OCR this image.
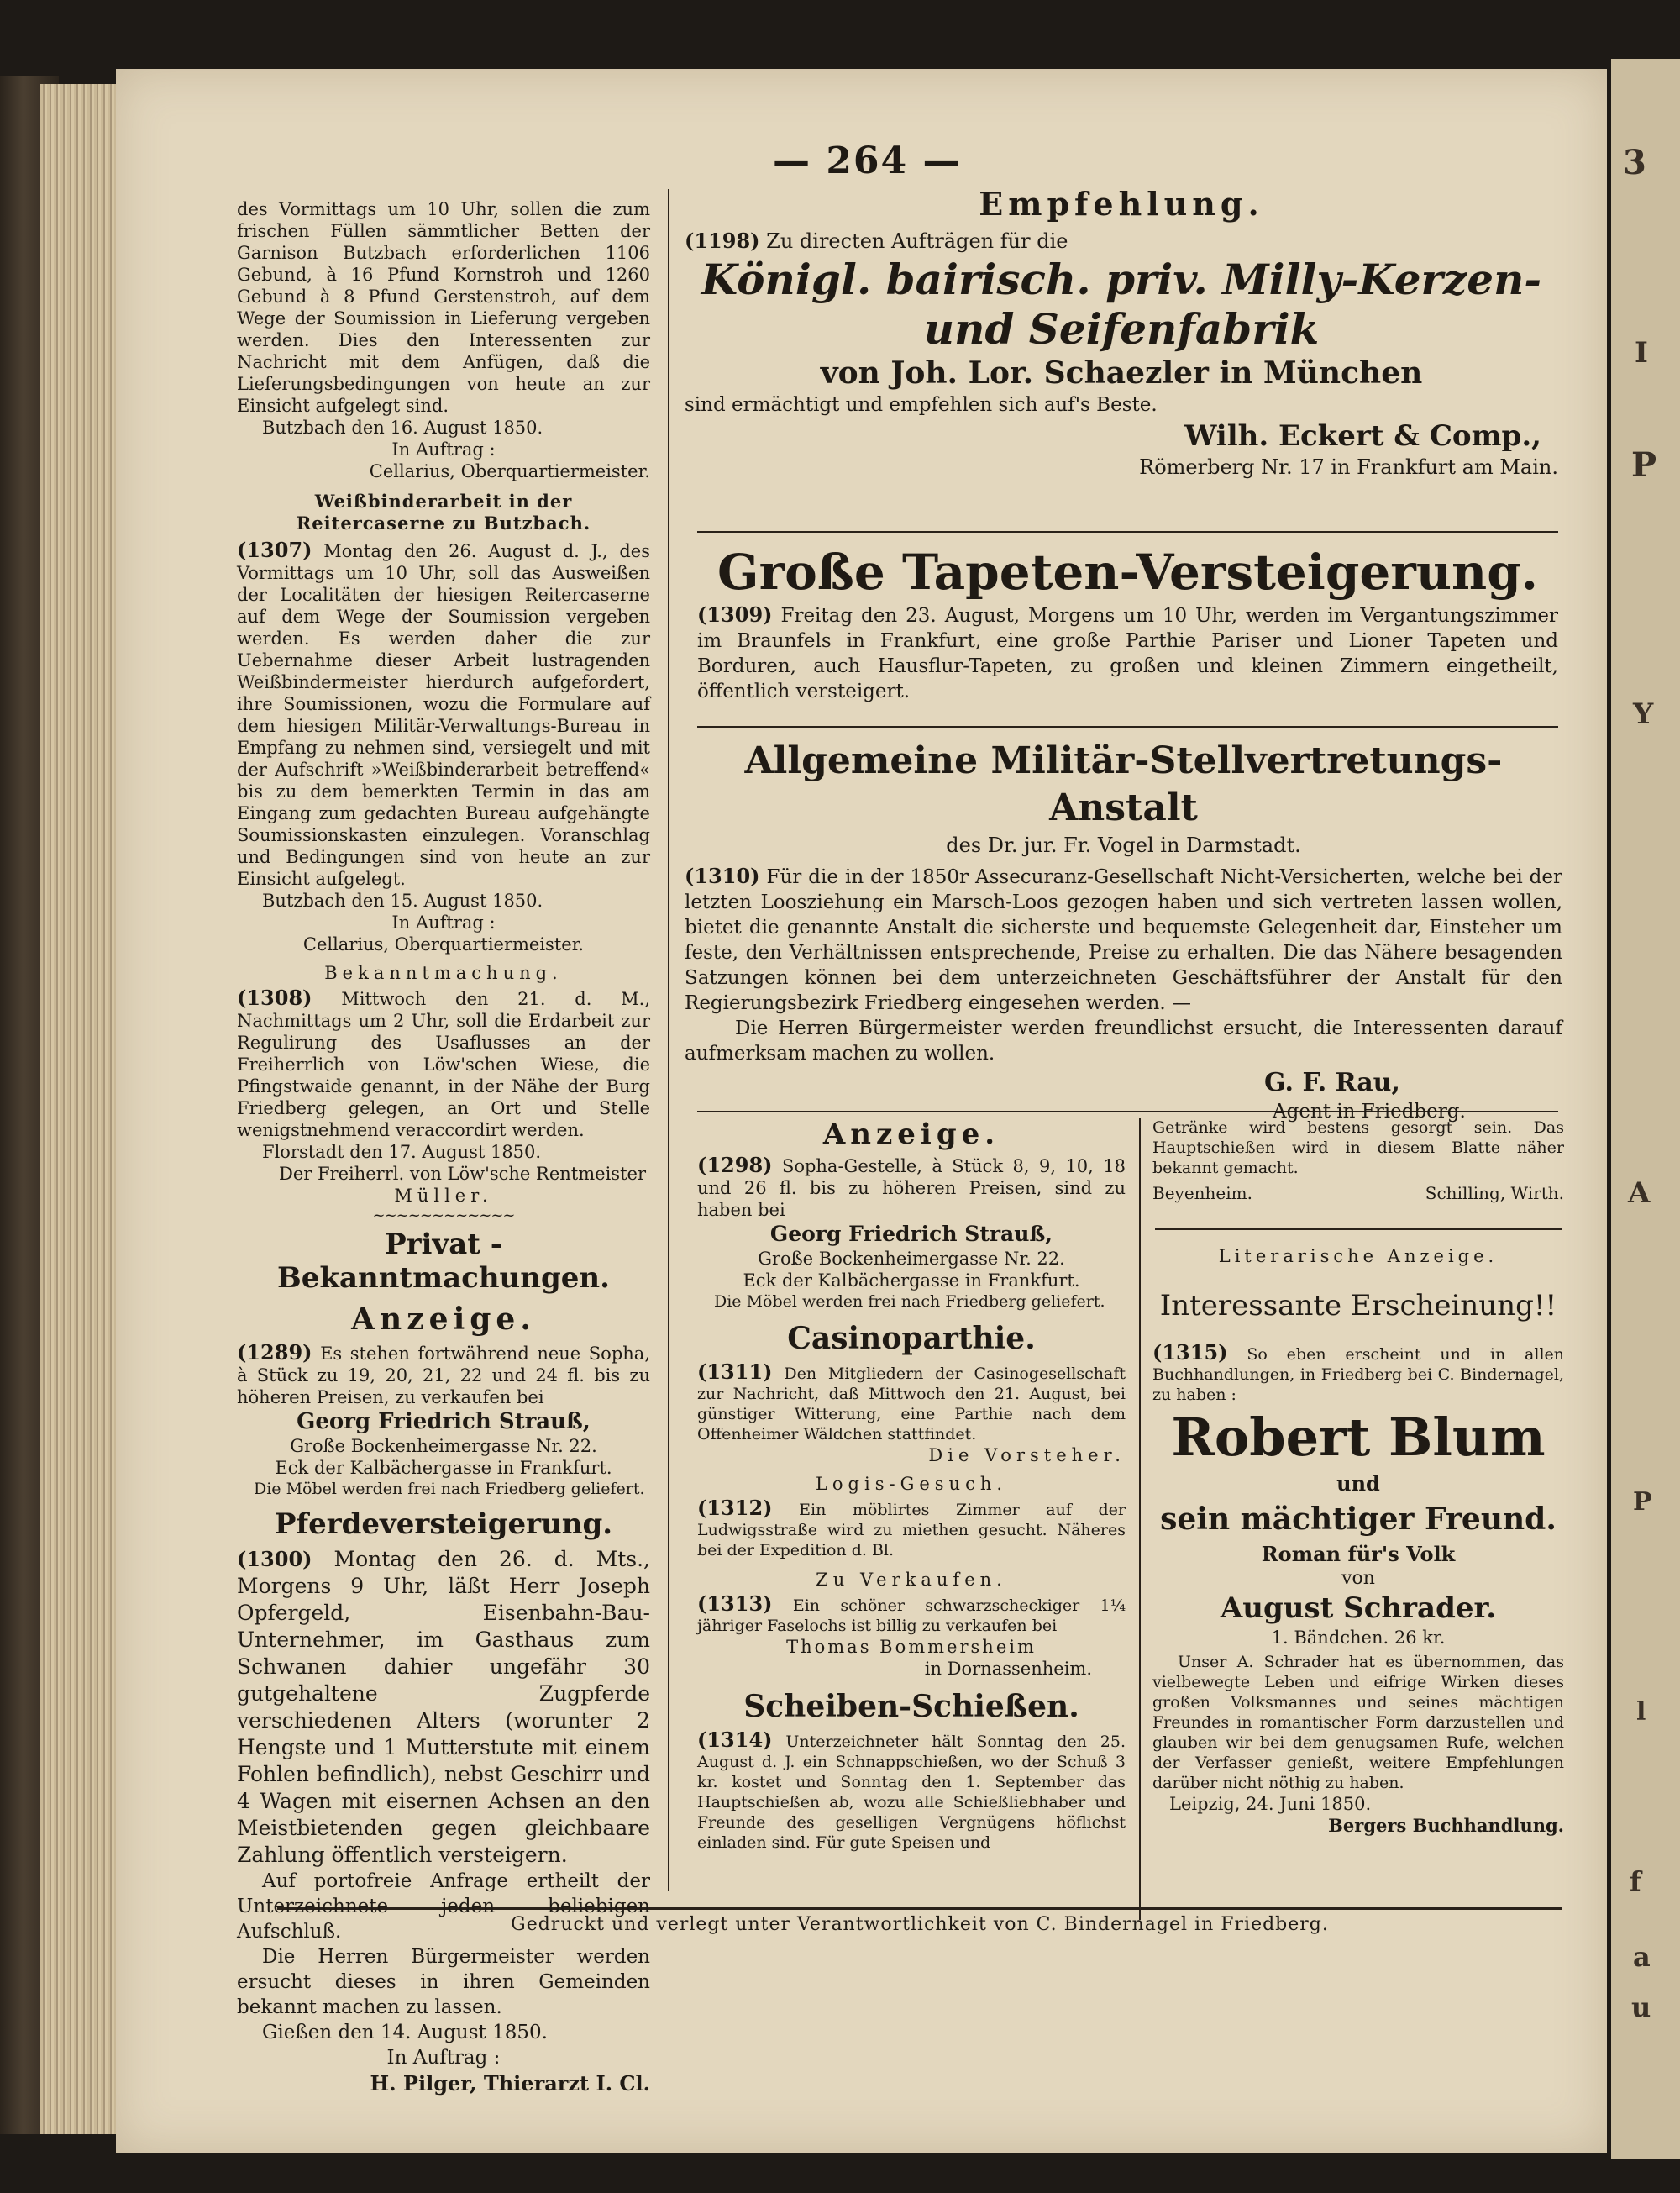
3
I
P
Y
A
P
l
f
a
u
— 264 —

des Vormittags um 10 Uhr, sollen die zum frischen Füllen sämmtlicher Betten der Garnison Butzbach erforderlichen 1106 Gebund, à 16 Pfund Kornstroh und 1260 Gebund à 8 Pfund Gerstenstroh, auf dem Wege der Soumission in Lieferung vergeben werden. Dies den Interessenten zur Nachricht mit dem Anfügen, daß die Lieferungsbedingungen von heute an zur Einsicht aufgelegt sind.

Butzbach den 16. August 1850.

In Auftrag :

Cellarius, Oberquartiermeister.

Weißbinderarbeit in der Reitercaserne zu Butzbach.

(1307) Montag den 26. August d. J., des Vormittags um 10 Uhr, soll das Ausweißen der Localitäten der hiesigen Reitercaserne auf dem Wege der Soumission vergeben werden. Es werden daher die zur Uebernahme dieser Arbeit lustragenden Weißbindermeister hierdurch aufgefordert, ihre Soumissionen, wozu die Formulare auf dem hiesigen Militär-Verwaltungs-Bureau in Empfang zu nehmen sind, versiegelt und mit der Aufschrift »Weißbinderarbeit betreffend« bis zu dem bemerkten Termin in das am Eingang zum gedachten Bureau aufgehängte Soumissionskasten einzulegen. Voranschlag und Bedingungen sind von heute an zur Einsicht aufgelegt.

Butzbach den 15. August 1850.

In Auftrag :

Cellarius, Oberquartiermeister.

Bekanntmachung.

(1308) Mittwoch den 21. d. M., Nachmittags um 2 Uhr, soll die Erdarbeit zur Regulirung des Usaflusses an der Freiherrlich von Löw'schen Wiese, die Pfingstwaide genannt, in der Nähe der Burg Friedberg gelegen, an Ort und Stelle wenigstnehmend veraccordirt werden.

Florstadt den 17. August 1850.

Der Freiherrl. von Löw'sche Rentmeister

Müller.

~~~~~~~~~~~~

Privat - Bekanntmachungen.

Anzeige.

(1289) Es stehen fortwährend neue Sopha, à Stück zu 19, 20, 21, 22 und 24 fl. bis zu höheren Preisen, zu verkaufen bei

Georg Friedrich Strauß,

Große Bockenheimergasse Nr. 22.

Eck der Kalbächergasse in Frankfurt.

Die Möbel werden frei nach Friedberg geliefert.

Pferdeversteigerung.

(1300) Montag den 26. d. Mts., Morgens 9 Uhr, läßt Herr Joseph Opfergeld, Eisenbahn-Bau-Unternehmer, im Gasthaus zum Schwanen dahier ungefähr 30 gutgehaltene Zugpferde verschiedenen Alters (worunter 2 Hengste und 1 Mutterstute mit einem Fohlen befindlich), nebst Geschirr und 4 Wagen mit eisernen Achsen an den Meistbietenden gegen gleichbaare Zahlung öffentlich versteigern.

Auf portofreie Anfrage ertheilt der Unterzeichnete jeden beliebigen Aufschluß.

Die Herren Bürgermeister werden ersucht dieses in ihren Gemeinden bekannt machen zu lassen.

Gießen den 14. August 1850.

In Auftrag :

H. Pilger, Thierarzt I. Cl.

Empfehlung.

(1198) Zu directen Aufträgen für die

Königl. bairisch. priv. Milly-Kerzen-

und Seifenfabrik

von Joh. Lor. Schaezler in München

sind ermächtigt und empfehlen sich auf's Beste.

Wilh. Eckert & Comp.,

Römerberg Nr. 17 in Frankfurt am Main.

Große Tapeten-Versteigerung.

(1309) Freitag den 23. August, Morgens um 10 Uhr, werden im Vergantungszimmer im Braunfels in Frankfurt, eine große Parthie Pariser und Lioner Tapeten und Borduren, auch Hausflur-Tapeten, zu großen und kleinen Zimmern eingetheilt, öffentlich versteigert.

Allgemeine Militär-Stellvertretungs-Anstalt

des Dr. jur. Fr. Vogel in Darmstadt.

(1310) Für die in der 1850r Assecuranz-Gesellschaft Nicht-Versicherten, welche bei der letzten Loosziehung ein Marsch-Loos gezogen haben und sich vertreten lassen wollen, bietet die genannte Anstalt die sicherste und bequemste Gelegenheit dar, Einsteher um feste, den Verhältnissen entsprechende, Preise zu erhalten. Die das Nähere besagenden Satzungen können bei dem unterzeichneten Geschäftsführer der Anstalt für den Regierungsbezirk Friedberg eingesehen werden. —

Die Herren Bürgermeister werden freundlichst ersucht, die Interessenten darauf aufmerksam machen zu wollen.

G. F. Rau,

Agent in Friedberg.

Anzeige.

(1298) Sopha-Gestelle, à Stück 8, 9, 10, 18 und 26 fl. bis zu höheren Preisen, sind zu haben bei

Georg Friedrich Strauß,

Große Bockenheimergasse Nr. 22.

Eck der Kalbächergasse in Frankfurt.

Die Möbel werden frei nach Friedberg geliefert.

Casinoparthie.

(1311) Den Mitgliedern der Casinogesellschaft zur Nachricht, daß Mittwoch den 21. August, bei günstiger Witterung, eine Parthie nach dem Offenheimer Wäldchen stattfindet.

Die Vorsteher.

Logis-Gesuch.

(1312) Ein möblirtes Zimmer auf der Ludwigsstraße wird zu miethen gesucht. Näheres bei der Expedition d. Bl.

Zu Verkaufen.

(1313) Ein schöner schwarzscheckiger 1¼ jähriger Faselochs ist billig zu verkaufen bei

Thomas Bommersheim

in Dornassenheim.

Scheiben-Schießen.

(1314) Unterzeichneter hält Sonntag den 25. August d. J. ein Schnappschießen, wo der Schuß 3 kr. kostet und Sonntag den 1. September das Hauptschießen ab, wozu alle Schießliebhaber und Freunde des geselligen Vergnügens höflichst einladen sind. Für gute Speisen und

Getränke wird bestens gesorgt sein. Das Hauptschießen wird in diesem Blatte näher bekannt gemacht.

Beyenheim.	Schilling, Wirth.

Literarische Anzeige.

Interessante Erscheinung!!

(1315) So eben erscheint und in allen Buchhandlungen, in Friedberg bei C. Bindernagel, zu haben :

Robert Blum

und

sein mächtiger Freund.

Roman für's Volk

von

August Schrader.

1. Bändchen. 26 kr.

Unser A. Schrader hat es übernommen, das vielbewegte Leben und eifrige Wirken dieses großen Volksmannes und seines mächtigen Freundes in romantischer Form darzustellen und glauben wir bei dem genugsamen Rufe, welchen der Verfasser genießt, weitere Empfehlungen darüber nicht nöthig zu haben.

Leipzig, 24. Juni 1850.

Bergers Buchhandlung.

Gedruckt und verlegt unter Verantwortlichkeit von C. Bindernagel in Friedberg.
